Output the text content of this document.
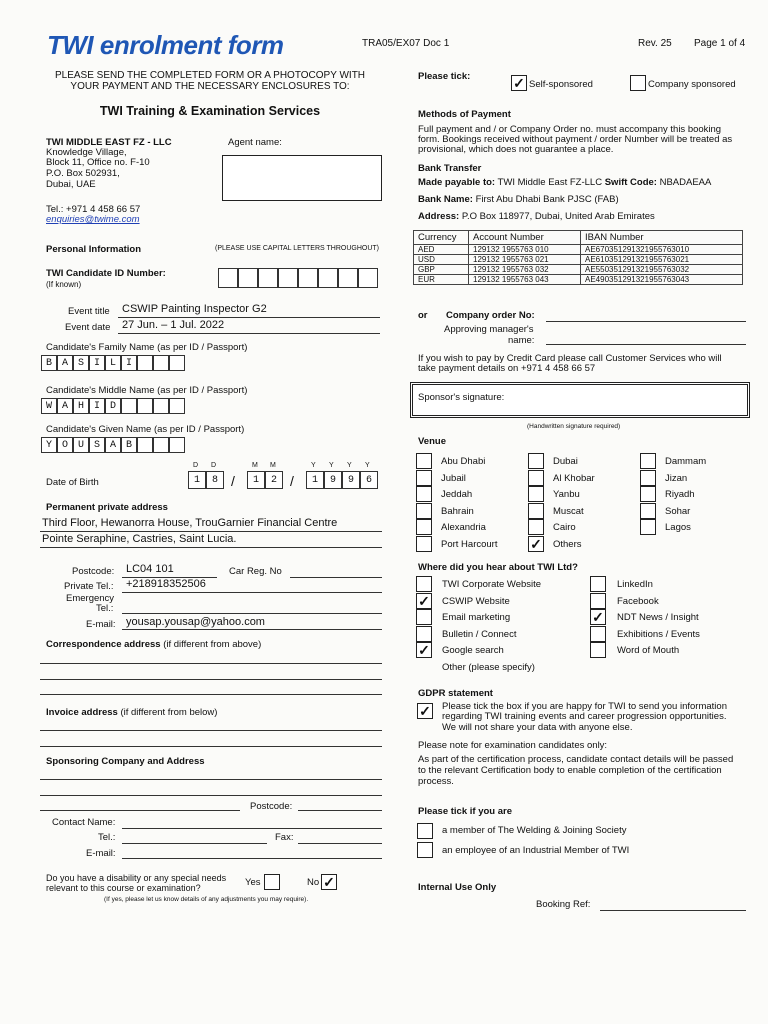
TWI enrolment form	TRA05/EX07 Doc 1	Rev. 25 Page 1 of 4
PLEASE SEND THE COMPLETED FORM OR A PHOTOCOPY WITH
YOUR PAYMENT AND THE NECESSARY ENCLOSURES TO:
TWI Training & Examination Services
TWI MIDDLE EAST FZ - LLC
Knowledge Village,
Block 11, Office no. F-10
P.O. Box 502931,
Dubai, UAE
Tel.: +971 4 458 66 57
enquiries@twime.com
Agent name:
Personal Information	(PLEASE USE CAPITAL LETTERS THROUGHOUT)
TWI Candidate ID Number:
(If known)
Event title CSWIP Painting Inspector G2
Event date 27 Jun. – 1 Jul. 2022
Candidate's Family Name (as per ID / Passport)
B A S I L I
Candidate's Middle Name (as per ID / Passport)
W A H I D
Candidate's Given Name (as per ID / Passport)
Y O U S A B
D D	M M	Y Y Y Y
Date of Birth	1	8	1	2	1	9	9	6
/	/
Permanent private address
Third Floor, Hewanorra House, TrouGarnier Financial Centre
Pointe Seraphine, Castries, Saint Lucia.
Postcode: LC04 101	Car Reg. No
Private Tel.: +218918352506
Emergency
Tel.:
E-mail: yousap.yousap@yahoo.com
Correspondence address (if different from above)
Invoice address (if different from below)
Sponsoring Company and Address
Postcode:
Contact Name:
Tel.:	Fax:
E-mail:
Do you have a disability or any special needs
relevant to this course or examination?	Yes	No ✓
(If yes, please let us know details of any adjustments you may require).
Please tick:	✓ Self-sponsored	Company sponsored
Methods of Payment
Full payment and / or Company Order no. must accompany this booking
form. Bookings received without payment / order Number will be treated as
provisional, which does not guarantee a place.
Bank Transfer
Made payable to: TWI Middle East FZ-LLC Swift Code: NBADAEAA
Bank Name: First Abu Dhabi Bank PJSC (FAB)
Address: P.O Box 118977, Dubai, United Arab Emirates
Currency	Account Number	IBAN Number
AED	129132 1955763 010	AE670351291321955763010
USD	129132 1955763 021	AE610351291321955763021
GBP	129132 1955763 032	AE550351291321955763032
EUR	129132 1955763 043	AE490351291321955763043
or Company order No:
Approving manager's
name:
If you wish to pay by Credit Card please call Customer Services who will
take payment details on +971 4 458 66 57
Sponsor's signature:
(Handwritten signature required)
Venue
Abu Dhabi	Dubai	Dammam
Jubail	Al Khobar	Jizan
Jeddah	Yanbu	Riyadh
Bahrain	Muscat	Sohar
Alexandria	Cairo	Lagos
Port Harcourt ✓ Others
Where did you hear about TWI Ltd?
TWI Corporate Website
✓ CSWIP Website
Email marketing
Bulletin / Connect
✓ Google search
Other (please specify)
LinkedIn
Facebook
✓ NDT News / Insight
Exhibitions / Events
Word of Mouth
GDPR statement
✓ Please tick the box if you are happy for TWI to send you information
regarding TWI training events and career progression opportunities.
We will not share your data with anyone else.
Please note for examination candidates only:
As part of the certification process, candidate contact details will be passed
to the relevant Certification body to enable completion of the certification
process.
Please tick if you are
a member of The Welding & Joining Society
an employee of an Industrial Member of TWI
Internal Use Only
Booking Ref:
